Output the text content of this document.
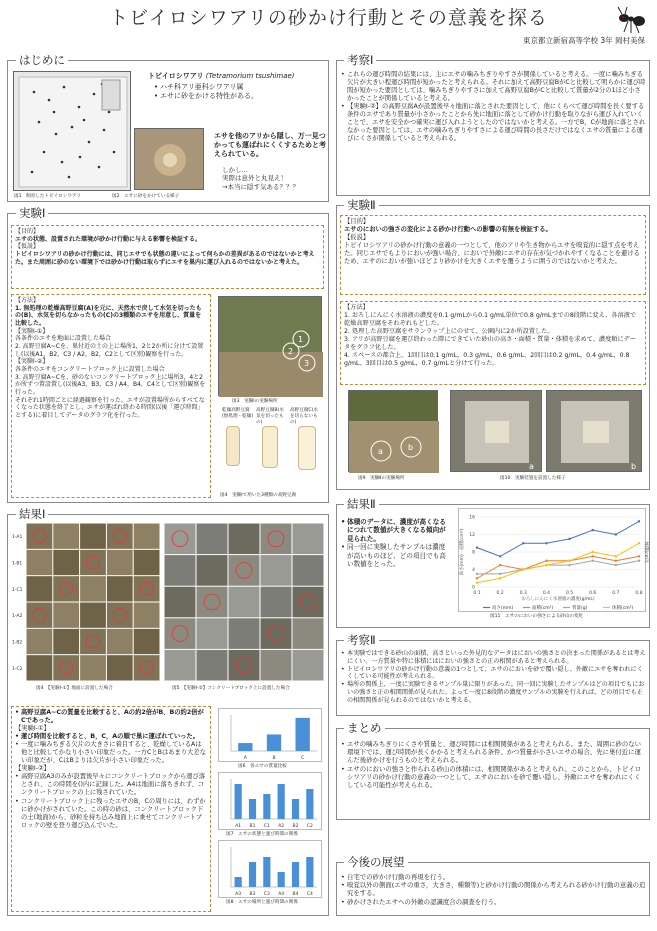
トビイロシワアリの砂かけ行動とその意義を探る
東京都立新宿高等学校 3年 岡村美保
はじめに
図1　飼育したトビイロシワアリ	図2　エサに砂をかけている様子
トビイロシワアリ (Tetramorium tsushimae)
• ハチ科アリ亜科シワアリ属
• エサに砂をかける特性がある。
エサを他のアリから隠し、万一見つかっても運ばれにくくするためと考えられている。
しかし…
実際は意外と丸見え！
→本当に隠す気ある？？？
実験Ⅰ
【目的】
エサの状態、設置された環境が砂かけ行動に与える影響を検証する。
【仮説】
トビイロシワアリの砂かけ行動には、同じエサでも状態の違いによって何らかの差異があるのではないかと考えた。また周囲に砂のない環境下では砂かけ行動は取らずにエサを巣内に運び入れるのではないかと考えた。
【方法】
1. 無処理の乾燥高野豆腐(A)を元に、天然水で戻して水気を切ったもの(B)、水気を切らなかったもの(C)の3種類のエサを用意し、質量を比較した。
【実験Ⅰ-①】
各条件のエサを地面に設置した場合
2. 高野豆腐A~Cを、巣付近の土の上に場所1，2と2か所に分けて設置し(以後A1，B2，C3 / A2，B2，C2として区別)観察を行った。
【実験Ⅰ-②】
各条件のエサをコンクリートブロック上に設置した場合
3. 高野豆腐A~Cを、砂のないコンクリートブロック上に場所3，4と2か所ずつ置設置し(以後A3，B3，C3 / A4，B4，C4として区別)観察を行った。
それぞれ1時間ごとに経過観察を行った。エサが設置場所からすべてなくなった状態を終了とし、エサが運ばれ終わる時間(以後「運び時間」とする)に着目してデータのグラフ化を行った。
1
2
3
図3　実験Ⅰの実験場所
乾燥高野豆腐(無処理・乾燥)
高野豆腐B(水気を切ったもの)
高野豆腐C(水を切らないもの)
図4　実験Ⅰで用いた3種類の高野豆腐
結果Ⅰ
1-A1
1-B1
1-C1
1-A2
1-B2
1-C2
図4　【実験Ⅰ-①】地面に設置した場合	図5　【実験Ⅰ-②】コンクリートブロック上に設置した場合
• 高野豆腐A~Cの質量を比較すると、Aの約2倍がB、Bの約2倍がCであった。
【実験Ⅰ-①】
• 運び時間を比較すると、B，C，Aの順で巣に運ばれていった。
• 一度に噛みちぎる欠片の大きさに着目すると、乾燥しているAは他と比較してかなり小さい印象だった。一方CとBはあまり大差ない印象だが、CはBよりは欠片が小さい印象だった。
【実験Ⅰ-②】
• 高野豆腐A3のみが設置後早々にコンクリートブロックから運び落とされ、この時間を()内に記録した。A4は地面に落ちきれず、コンクリートブロックの上に残されていた。
• コンクリートブロック上に残ったエサのB，Cの周りには、わずかに砂かけがされていた。この時の砂は、コンクリートブロック下の土(地面)から、砂粒を持ち込み地面上に乗せてコンクリートブロックの壁を登り運び込んでいた。
A	B	C
図6　各エサの質量比較
A1 B1 C1 A2 B2 C2
図7　エサの状態と運び時間の関係
A3 B3 C3 A4 B4 C4
図8　エサの場所と運び時間の関係
考察Ⅰ
• これらの運び時間の結果には、主にエサの噛みちぎりやすさが関係していると考える。一度に噛みちぎる欠片が大きい程運び時間が短かったと考えられる。それに加えて高野豆腐BがCと比較して明らかに運び時間が短かった要因としては、噛みちぎりやすさに加えて高野豆腐BがCと比較して質量が2分の1ほど小さかったことが関係していると考える。
• 【実験Ⅰ-②】の高野豆腐Aが設置後早々地面に落とされた要因として、他にくらべて運び時間を長く要する条件のエサであり質量が小さかったことから先に地面に落として砂かけ行動を取りながら運び入れていくことで、エサを安全かつ確実に運び入れようとしたのではないかと考える。一方でB，Cが地面に落とされなかった要因としては、エサの噛みちぎりやすさによる運び時間の長さだけではなくエサの質量による運びにくさが関係していると考えられる。
実験Ⅱ
【目的】
エサのにおいの強さの変化による砂かけ行動への影響の有無を検証する。
【仮説】
トビイロシワアリの砂かけ行動の意義の一つとして、他のアリや生き物からエサを嗅覚的に隠す点を考えた。同じエサでもよりにおいが強い場合、においで外敵にエサの存在が気づかれやすくなることを避けるため、エサのにおいが強いほどより砂かけを大きくエサを覆うように囲うのではないかと考えた。
【方法】
1. おろしにんにく水溶液の濃度を0.1 g/mLから0.1 g/mL単位で0.8 g/mLまでの8段階に変え、各溶液で乾燥高野豆腐をそれぞれもどした。
2. 処理した高野豆腐をサランラップ上にのせて、公園内に2か所設置した。
3. アリが高野豆腐を運び終わった際にできていた砂山の高さ・面積・質量・体積を求めて、濃度順にデータをグラフ化した。
4. スペースの都合上、1回目は0.1 g/mL，0.3 g/mL，0.6 g/mL、2回目は0.2 g/mL，0.4 g/mL，0.8 g/mL、3回目は0.5 g/mL，0.7 g/mLと分けて行った。
a	b
a	b
図9　実験Ⅱの実験場所	図10　実験装置を設置した様子
結果Ⅱ
• 体積のデータに、濃度が高くなるにつれて数値が大きくなる傾向が見られた。
• 同一回に実験したサンプルは濃度が高いものほど、どの項目でも高い数値をとった。
0
4
8
12
16
0.1	0.2	0.3	0.4	0.5	0.6	0.7	0.8
おろしにんにく水溶液の濃度(g/mL)
高さ(mm)・面積(cm²)	体積(cm³)
高さ(mm)	面積(cm²)	質量(g)	体積(cm³)
図11　エサのにおいの強さによる砂山の変化
考察Ⅱ
• 本実験ではできる砂山の面積、高さといった外見的なデータはにおいの強さとの決まった関係があるとは考えにくい。一方質量や特に体積にはにおいの強さとの正の相関があると考えられる。
• トビイロシワアリの砂かけ行動の意義の1つとして、エサのにおいを砂で覆い隠し、外敵にエサを奪われにくくしている可能性が考えられる。
• 場所の関係上、一度に実験できるサンプル量に限りがあった。同一回に実験したサンプルはどの項目でもにおいの強さと正の相関関係が見られた。よって一度に8段階の濃度サンプルの実験を行えれば、どの項目でも正の相関関係が見られるのではないかと考える。
まとめ
• エサの噛みちぎりにくさや質量と、運び時間には相関関係があると考えられる。また、周囲に砂のない環境下では、運び時間が長くかかると考えられる条件、かつ質量が小さいエサの場合、先に巣付近に運んだ後砂かけを行うものと考えられる。
• エサのにおいの強さと作られる砂山の体積には、相関関係があると考えられ、このことから、トビイロシワアリの砂かけ行動の意義の一つとして、エサのにおいを砂で覆い隠し、外敵にエサを奪われにくくしている可能性が考えられる。
今後の展望
• 自宅での砂かけ行動の再現を行う。
• 嗅覚以外の側面(エサの重さ，大きさ，種類等)と砂かけ行動の関係から考えられる砂かけ行動の意義の追究をする。
• 砂かけされたエサへの外敵の認識度合の調査を行う。
